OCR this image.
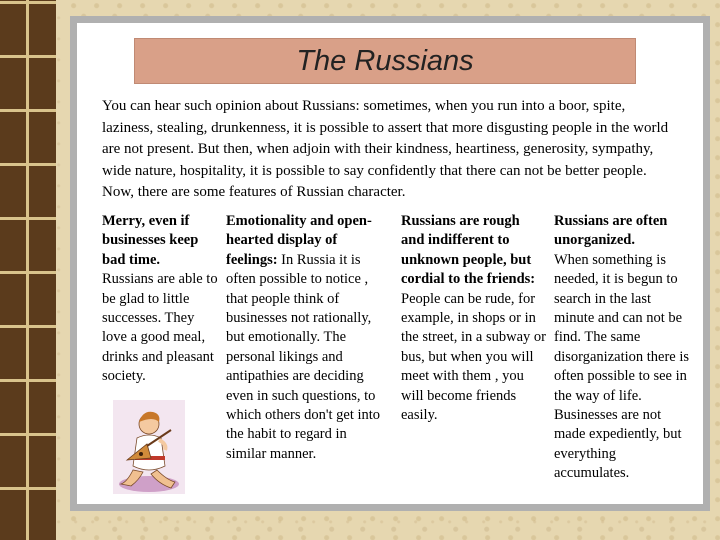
The Russians

You can hear such opinion about Russians: sometimes, when you run into a boor, spite, laziness, stealing, drunkenness, it is possible to assert that more disgusting people in the world are not present. But then, when adjoin with their kindness, heartiness, generosity, sympathy, wide nature, hospitality, it is possible to say confidently that there can not be better people. Now, there are some features of Russian character.

Merry, even if businesses keep bad time.
Russians are able to be glad to little successes. They love a good meal, drinks and pleasant society.
Emotionality and open-hearted display of feelings: In Russia it is often possible to notice , that people think of businesses not rationally, but emotionally. The personal likings and antipathies are deciding even in such questions, to which others don't get into the habit to regard in similar manner.
Russians are rough and indifferent to unknown people, but cordial to the friends:
People can be rude, for example, in shops or in the street, in a subway or bus, but when you will meet with them , you will become friends easily.
Russians are often unorganized.
When something is needed, it is begun to search in the last minute and can not be find. The same disorganization there is often possible to see in the way of life. Businesses are not made expediently, but everything accumulates.
